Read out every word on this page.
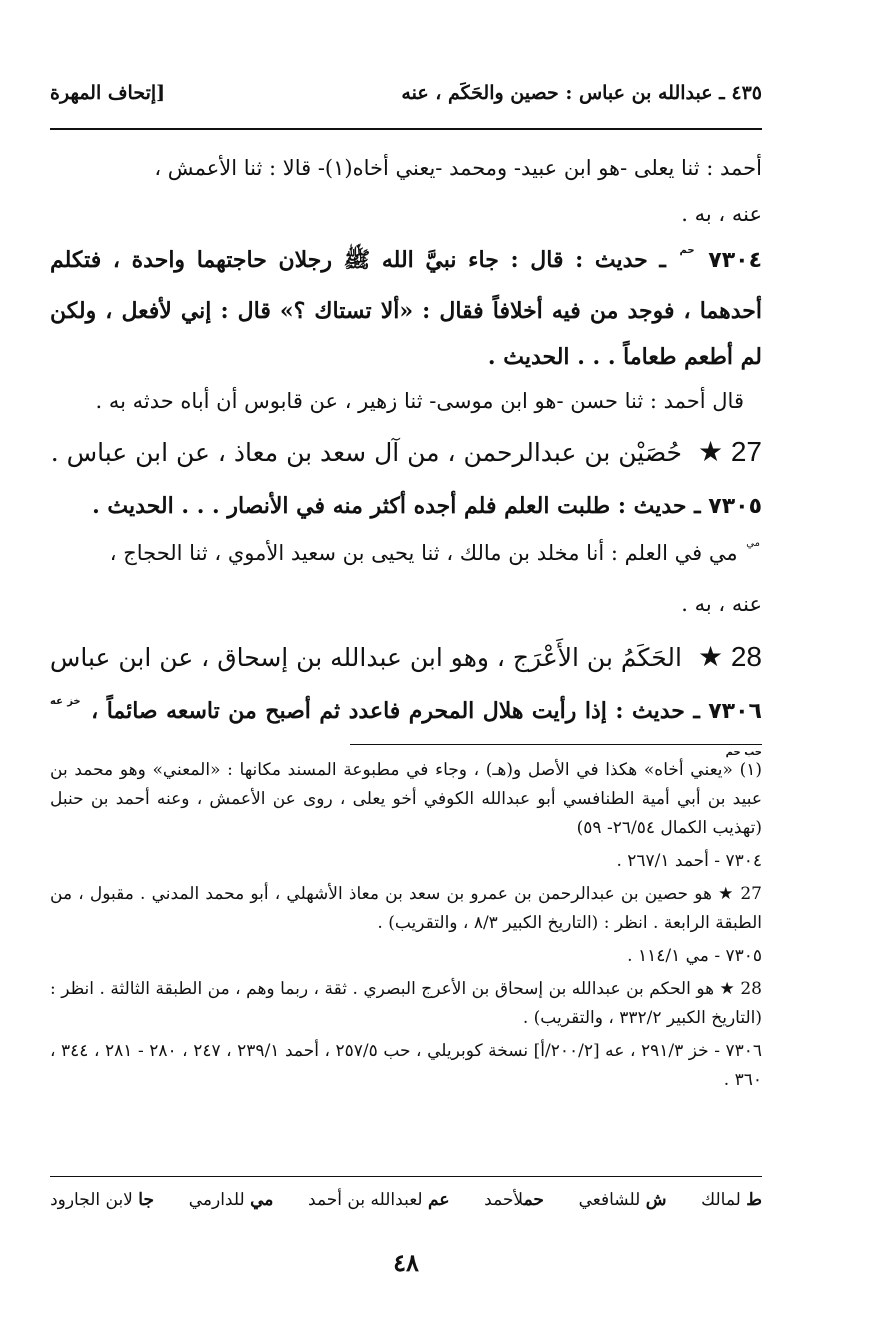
٤٣٥ ـ عبدالله بن عباس : حصين والحَكَم ، عنه
[إتحاف المهرة

أحمد : ثنا يعلى -هو ابن عبيد- ومحمد -يعني أخاه(١)- قالا : ثنا الأعمش ،

عنه ، به .

٧٣٠٤ $^{حم}$ ـ حديث : قال : جاء نبيَّ الله ﷺ رجلان حاجتهما واحدة ، فتكلم أحدهما ، فوجد من فيه أخلافاً فقال : «ألا تستاك ؟» قال : إني لأفعل ، ولكن لم أطعم طعاماً . . . الحديث .

قال أحمد : ثنا حسن -هو ابن موسى- ثنا زهير ، عن قابوس أن أباه حدثه به .

27 ★ حُصَيْن بن عبدالرحمن ، من آل سعد بن معاذ ، عن ابن عباس .

٧٣٠٥ ـ حديث : طلبت العلم فلم أجده أكثر منه في الأنصار . . . الحديث .

$^{مي}$ مي في العلم : أنا مخلد بن مالك ، ثنا يحيى بن سعيد الأموي ، ثنا الحجاج ،

عنه ، به .

28 ★ الحَكَمُ بن الأَعْرَج ، وهو ابن عبدالله بن إسحاق ، عن ابن عباس

٧٣٠٦ ـ حديث : إذا رأيت هلال المحرم فاعدد ثم أصبح من تاسعه صائماً ، $^{خز عه حب حم}$

(١) «يعني أخاه» هكذا في الأصل و(هـ) ، وجاء في مطبوعة المسند مكانها : «المعني» وهو محمد بن عبيد بن أبي أمية الطنافسي أبو عبدالله الكوفي أخو يعلى ، روى عن الأعمش ، وعنه أحمد بن حنبل (تهذيب الكمال ٢٦/٥٤- ٥٩)

٧٣٠٤ - أحمد ٢٦٧/١ .

27 ★ هو حصين بن عبدالرحمن بن عمرو بن سعد بن معاذ الأشهلي ، أبو محمد المدني . مقبول ، من الطبقة الرابعة . انظر : (التاريخ الكبير ٨/٣ ، والتقريب) .

٧٣٠٥ - مي ١١٤/١ .

28 ★ هو الحكم بن عبدالله بن إسحاق بن الأعرج البصري . ثقة ، ربما وهم ، من الطبقة الثالثة . انظر : (التاريخ الكبير ٣٣٢/٢ ، والتقريب) .

٧٣٠٦ - خز ٢٩١/٣ ، عه [٢٠٠/٢/أ] نسخة كوبريلي ، حب ٢٥٧/٥ ، أحمد ٢٣٩/١ ، ٢٤٧ ، ٢٨٠ - ٢٨١ ، ٣٤٤ ، ٣٦٠ .

ط لمالك
ش للشافعي
حملأحمد
عم لعبدالله بن أحمد
مي للدارمي
جا لابن الجارود
٤٨
